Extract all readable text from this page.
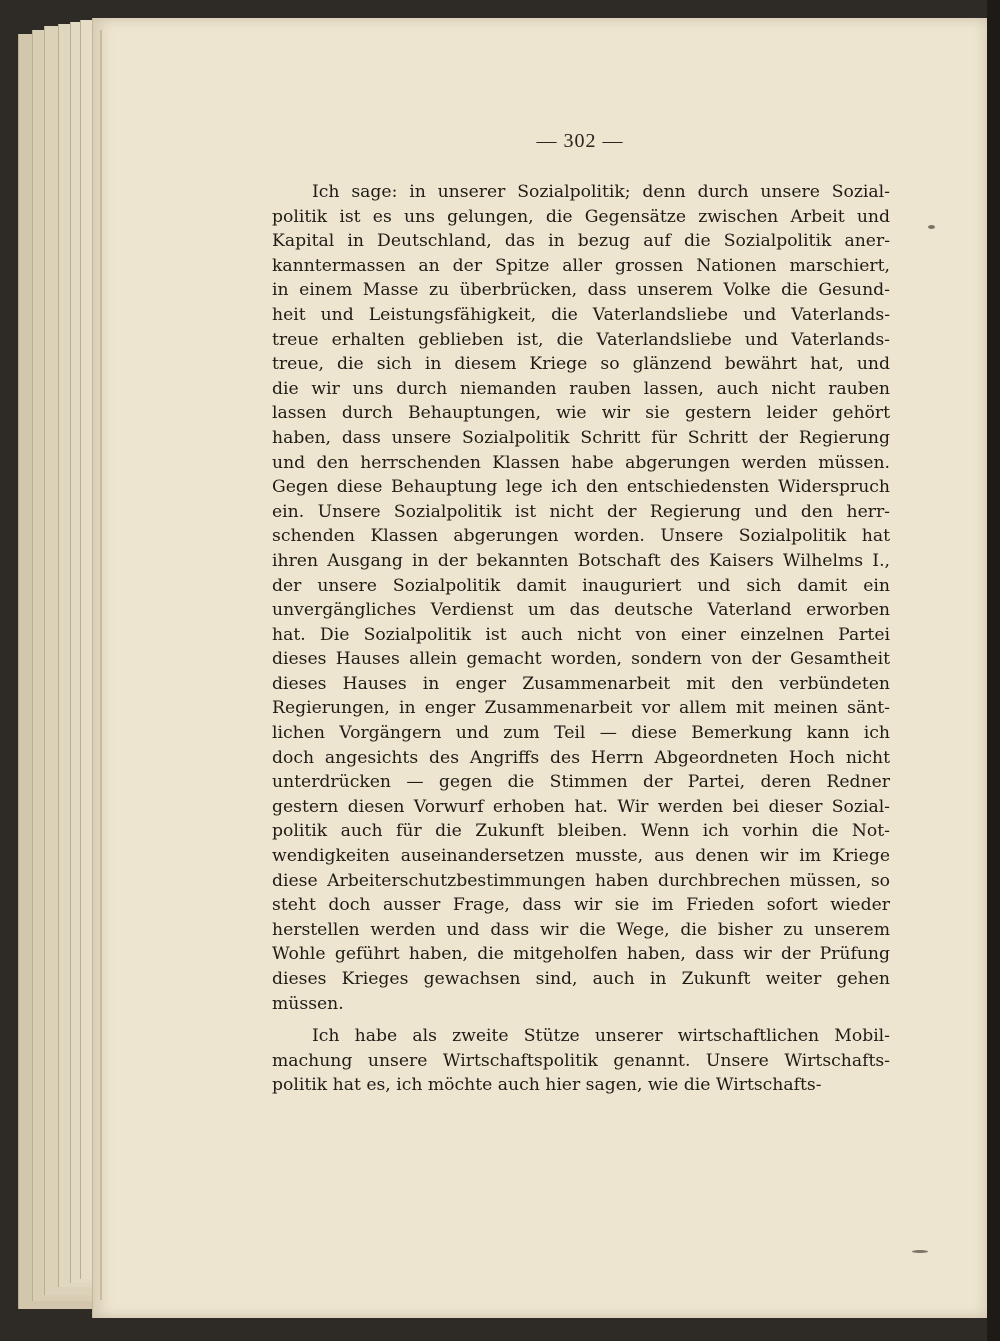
— 302 —

Ich sage: in unserer Sozialpolitik; denn durch unsere Sozial-
politik ist es uns gelungen, die Gegensätze zwischen Arbeit und
Kapital in Deutschland, das in bezug auf die Sozialpolitik aner-
kanntermassen an der Spitze aller grossen Nationen marschiert,
in einem Masse zu überbrücken, dass unserem Volke die Gesund-
heit und Leistungsfähigkeit, die Vaterlandsliebe und Vaterlands-
treue erhalten geblieben ist, die Vaterlandsliebe und Vaterlands-
treue, die sich in diesem Kriege so glänzend bewährt hat, und
die wir uns durch niemanden rauben lassen, auch nicht rauben
lassen durch Behauptungen, wie wir sie gestern leider gehört
haben, dass unsere Sozialpolitik Schritt für Schritt der Regierung
und den herrschenden Klassen habe abgerungen werden müssen.
Gegen diese Behauptung lege ich den entschiedensten Widerspruch
ein. Unsere Sozialpolitik ist nicht der Regierung und den herr-
schenden Klassen abgerungen worden. Unsere Sozialpolitik hat
ihren Ausgang in der bekannten Botschaft des Kaisers Wilhelms I.,
der unsere Sozialpolitik damit inauguriert und sich damit ein
unvergängliches Verdienst um das deutsche Vaterland erworben
hat. Die Sozialpolitik ist auch nicht von einer einzelnen Partei
dieses Hauses allein gemacht worden, sondern von der Gesamtheit
dieses Hauses in enger Zusammenarbeit mit den verbündeten
Regierungen, in enger Zusammenarbeit vor allem mit meinen sänt-
lichen Vorgängern und zum Teil — diese Bemerkung kann ich
doch angesichts des Angriffs des Herrn Abgeordneten Hoch nicht
unterdrücken — gegen die Stimmen der Partei, deren Redner
gestern diesen Vorwurf erhoben hat. Wir werden bei dieser Sozial-
politik auch für die Zukunft bleiben. Wenn ich vorhin die Not-
wendigkeiten auseinandersetzen musste, aus denen wir im Kriege
diese Arbeiterschutzbestimmungen haben durchbrechen müssen, so
steht doch ausser Frage, dass wir sie im Frieden sofort wieder
herstellen werden und dass wir die Wege, die bisher zu unserem
Wohle geführt haben, die mitgeholfen haben, dass wir der Prüfung
dieses Krieges gewachsen sind, auch in Zukunft weiter gehen
müssen.

Ich habe als zweite Stütze unserer wirtschaftlichen Mobil-
machung unsere Wirtschaftspolitik genannt. Unsere Wirtschafts-
politik hat es, ich möchte auch hier sagen, wie die Wirtschafts-
